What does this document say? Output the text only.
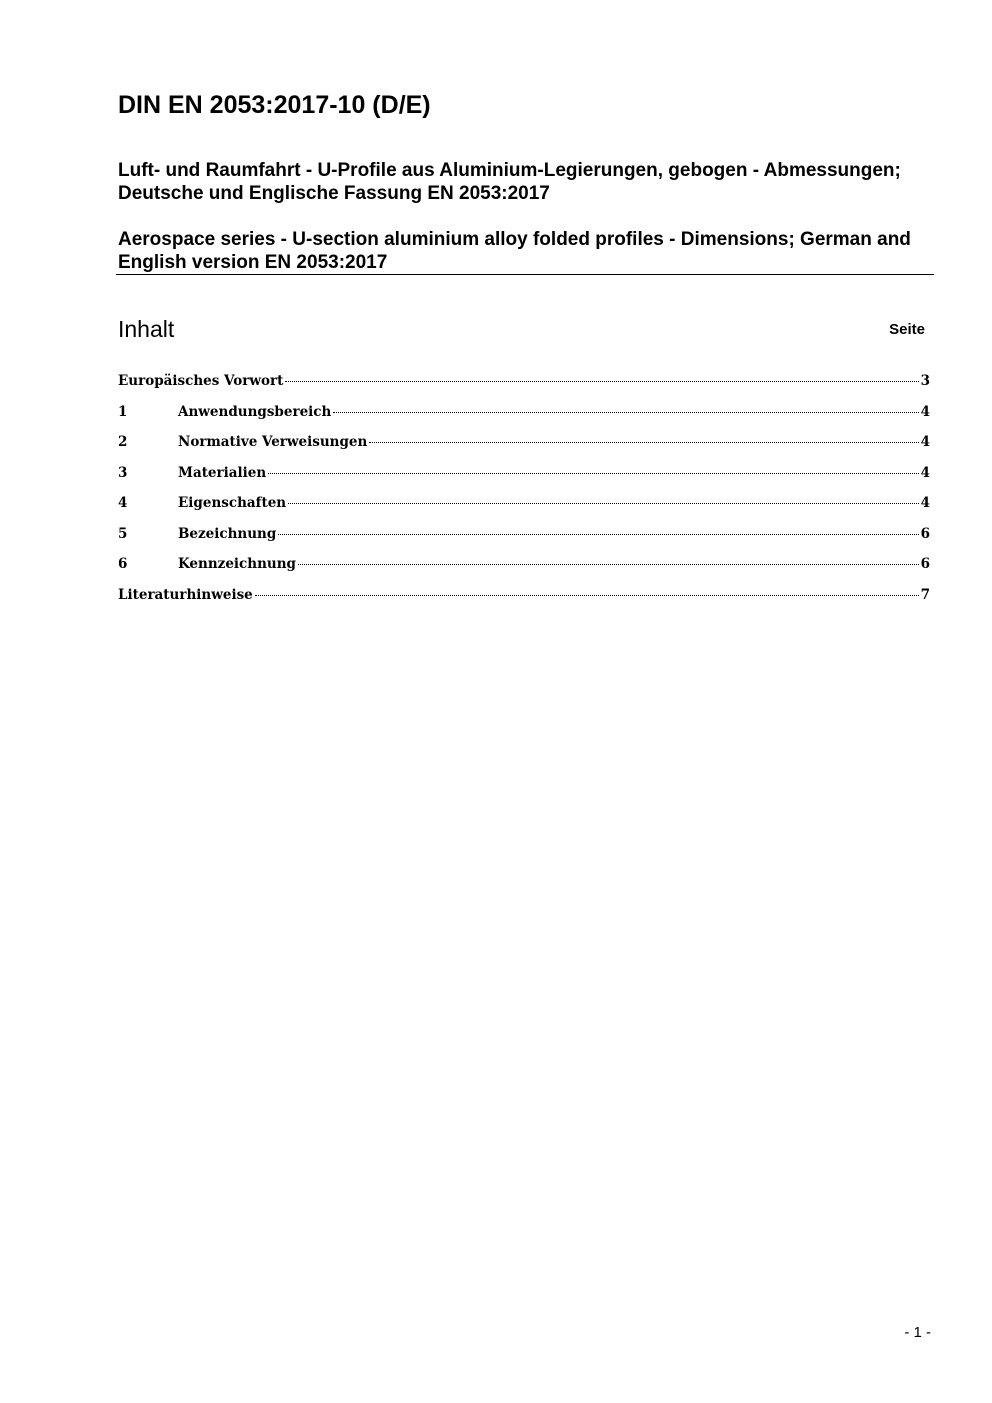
DIN EN 2053:2017-10 (D/E)

Luft- und Raumfahrt - U-Profile aus Aluminium-Legierungen, gebogen - Abmessungen; Deutsche und Englische Fassung EN 2053:2017

Aerospace series - U-section aluminium alloy folded profiles - Dimensions; German and English version EN 2053:2017

Inhalt	Seite
Europäisches Vorwort	3
1	Anwendungsbereich	4
2	Normative Verweisungen	4
3	Materialien	4
4	Eigenschaften	4
5	Bezeichnung	6
6	Kennzeichnung	6
Literaturhinweise	7
- 1 -
